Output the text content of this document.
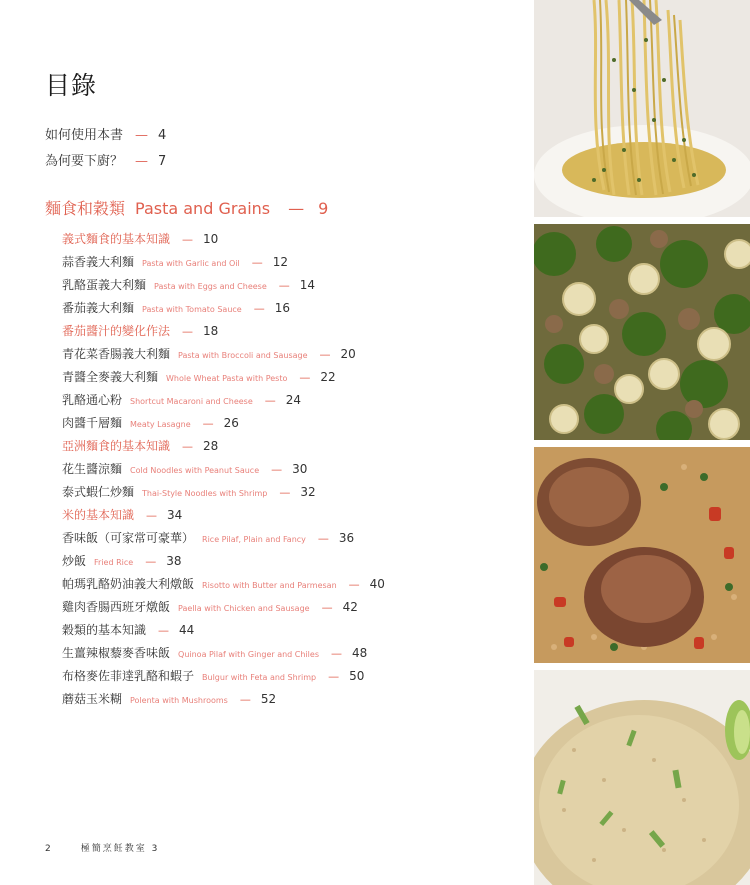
目錄
如何使用本書 — 4
為何要下廚？ — 7
麵食和穀類 Pasta and Grains — 9
義式麵食的基本知識 — 10
蒜香義大利麵 Pasta with Garlic and Oil — 12
乳酪蛋義大利麵 Pasta with Eggs and Cheese — 14
番茄義大利麵 Pasta with Tomato Sauce — 16
番茄醬汁的變化作法 — 18
青花菜香腸義大利麵 Pasta with Broccoli and Sausage — 20
青醬全麥義大利麵 Whole Wheat Pasta with Pesto — 22
乳酪通心粉 Shortcut Macaroni and Cheese — 24
肉醬千層麵 Meaty Lasagne — 26
亞洲麵食的基本知識 — 28
花生醬涼麵 Cold Noodles with Peanut Sauce — 30
泰式蝦仁炒麵 Thai-Style Noodles with Shrimp — 32
米的基本知識 — 34
香味飯（可家常可豪華） Rice Pilaf, Plain and Fancy — 36
炒飯 Fried Rice — 38
帕瑪乳酪奶油義大利燉飯 Risotto with Butter and Parmesan — 40
雞肉香腸西班牙燉飯 Paella with Chicken and Sausage — 42
穀類的基本知識 — 44
生薑辣椒藜麥香味飯 Quinoa Pilaf with Ginger and Chiles — 48
布格麥佐菲達乳酪和蝦子 Bulgur with Feta and Shrimp — 50
蘑菇玉米糊 Polenta with Mushrooms — 52
2	極簡烹飪教室 3
